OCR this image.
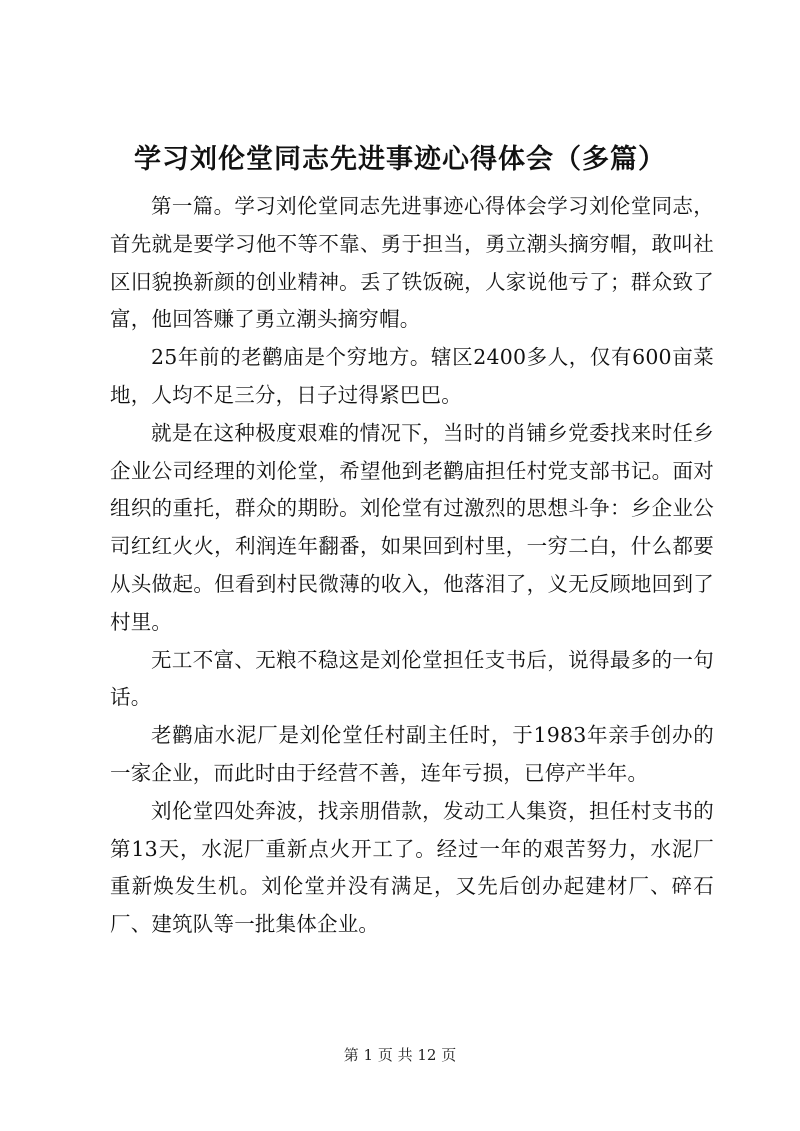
学习刘伦堂同志先进事迹心得体会（多篇）

第一篇。学习刘伦堂同志先进事迹心得体会学习刘伦堂同志，首先就是要学习他不等不靠、勇于担当，勇立潮头摘穷帽，敢叫社区旧貌换新颜的创业精神。丢了铁饭碗，人家说他亏了；群众致了富，他回答赚了勇立潮头摘穷帽。

25年前的老鹳庙是个穷地方。辖区2400多人，仅有600亩菜地，人均不足三分，日子过得紧巴巴。

就是在这种极度艰难的情况下，当时的肖铺乡党委找来时任乡企业公司经理的刘伦堂，希望他到老鹳庙担任村党支部书记。面对组织的重托，群众的期盼。刘伦堂有过激烈的思想斗争：乡企业公司红红火火，利润连年翻番，如果回到村里，一穷二白，什么都要从头做起。但看到村民微薄的收入，他落泪了，义无反顾地回到了村里。

无工不富、无粮不稳这是刘伦堂担任支书后，说得最多的一句话。

老鹳庙水泥厂是刘伦堂任村副主任时，于1983年亲手创办的一家企业，而此时由于经营不善，连年亏损，已停产半年。

刘伦堂四处奔波，找亲朋借款，发动工人集资，担任村支书的第13天，水泥厂重新点火开工了。经过一年的艰苦努力，水泥厂重新焕发生机。刘伦堂并没有满足，又先后创办起建材厂、碎石厂、建筑队等一批集体企业。

第 1 页 共 12 页
